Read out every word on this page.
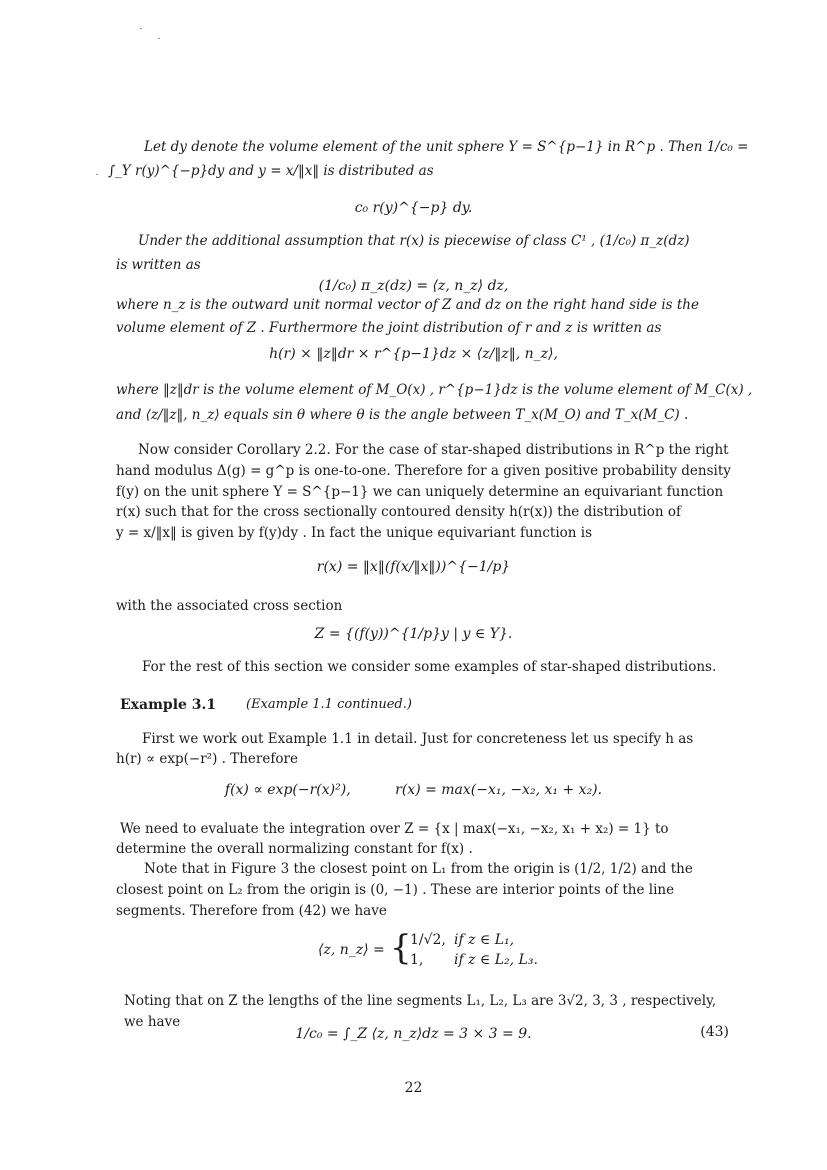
Let dy denote the volume element of the unit sphere Y = S^{p−1} in R^p . Then 1/c₀ =
∫_Y r(y)^{−p}dy and y = x/‖x‖ is distributed as
c₀ r(y)^{−p} dy.
Under the additional assumption that r(x) is piecewise of class C¹ , (1/c₀) π_z(dz)
is written as
(1/c₀) π_z(dz) = ⟨z, n_z⟩ dz,
where n_z is the outward unit normal vector of Z and dz on the right hand side is the
volume element of Z . Furthermore the joint distribution of r and z is written as
h(r) × ‖z‖dr × r^{p−1}dz × ⟨z/‖z‖, n_z⟩,
where ‖z‖dr is the volume element of M_O(x) , r^{p−1}dz is the volume element of M_C(x) ,
and ⟨z/‖z‖, n_z⟩ equals sin θ where θ is the angle between T_x(M_O) and T_x(M_C) .
Now consider Corollary 2.2. For the case of star-shaped distributions in R^p the right
hand modulus Δ(g) = g^p is one-to-one. Therefore for a given positive probability density
f(y) on the unit sphere Y = S^{p−1} we can uniquely determine an equivariant function
r(x) such that for the cross sectionally contoured density h(r(x)) the distribution of
y = x/‖x‖ is given by f(y)dy . In fact the unique equivariant function is
r(x) = ‖x‖(f(x/‖x‖))^{−1/p}
with the associated cross section
Z = {(f(y))^{1/p}y | y ∈ Y}.
For the rest of this section we consider some examples of star-shaped distributions.
Example 3.1 (Example 1.1 continued.)
First we work out Example 1.1 in detail. Just for concreteness let us specify h as
h(r) ∝ exp(−r²) . Therefore
f(x) ∝ exp(−r(x)²),          r(x) = max(−x₁, −x₂, x₁ + x₂).
We need to evaluate the integration over Z = {x | max(−x₁, −x₂, x₁ + x₂) = 1} to
determine the overall normalizing constant for f(x) .
Note that in Figure 3 the closest point on L₁ from the origin is (1/2, 1/2) and the
closest point on L₂ from the origin is (0, −1) . These are interior points of the line
segments. Therefore from (42) we have
⟨z, n_z⟩ = {
1/√2, if z ∈ L₁,
1, if z ∈ L₂, L₃.
Noting that on Z the lengths of the line segments L₁, L₂, L₃ are 3√2, 3, 3 , respectively,
we have
1/c₀ = ∫_Z ⟨z, n_z⟩dz = 3 × 3 = 9.	(43)
22
